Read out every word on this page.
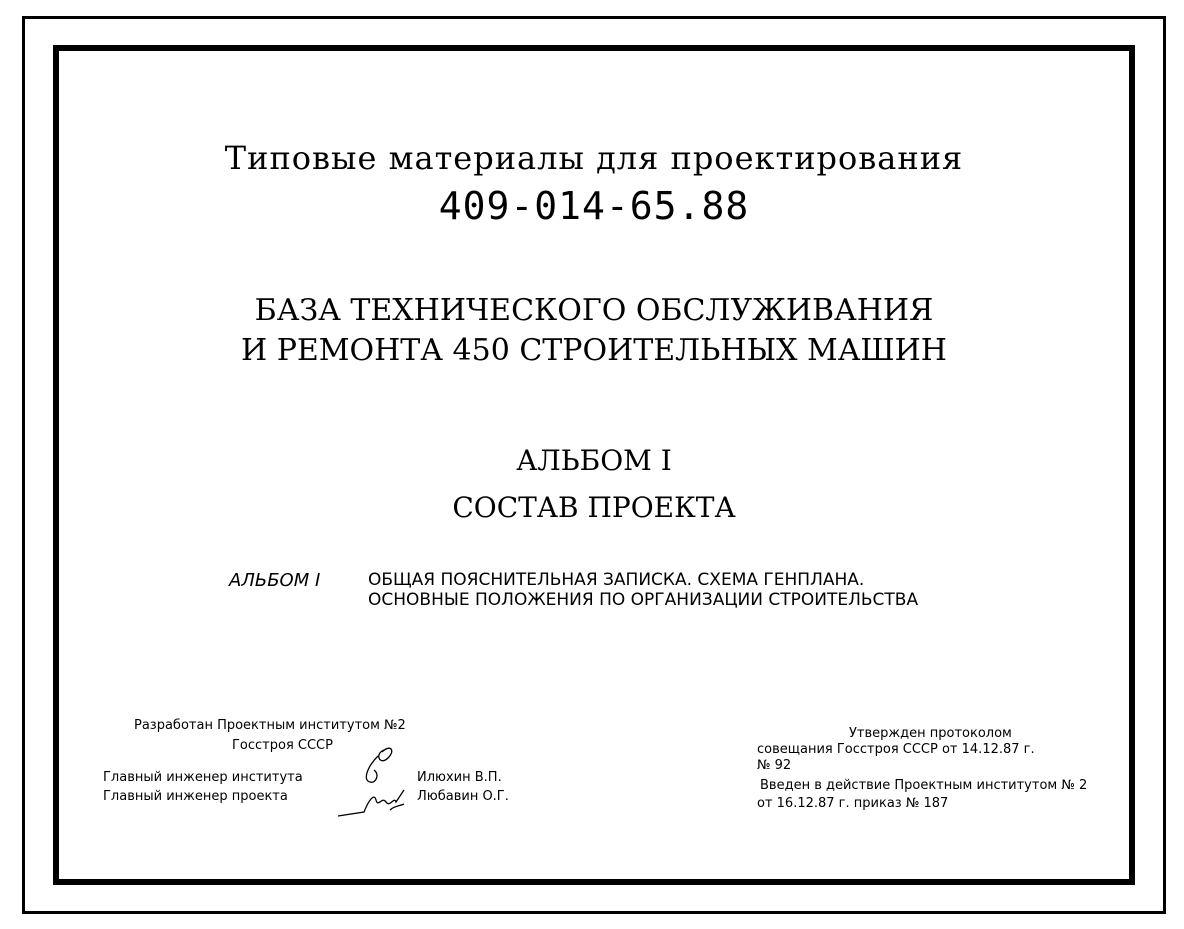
Типовые материалы для проектирования
409-014-65.88
БАЗА ТЕХНИЧЕСКОГО ОБСЛУЖИВАНИЯ
И РЕМОНТА 450 СТРОИТЕЛЬНЫХ МАШИН
АЛЬБОМ I
СОСТАВ ПРОЕКТА
АЛЬБОМ I	ОБЩАЯ ПОЯСНИТЕЛЬНАЯ ЗАПИСКА. СХЕМА ГЕНПЛАНА.
ОСНОВНЫЕ ПОЛОЖЕНИЯ ПО ОРГАНИЗАЦИИ СТРОИТЕЛЬСТВА
Разработан Проектным институтом №2
Госстроя СССР
Главный инженер института
Главный инженер проекта
Илюхин В.П.
Любавин О.Г.
Утвержден протоколом
совещания Госстроя СССР от 14.12.87 г.
№ 92
Введен в действие Проектным институтом № 2
от 16.12.87 г. приказ № 187
